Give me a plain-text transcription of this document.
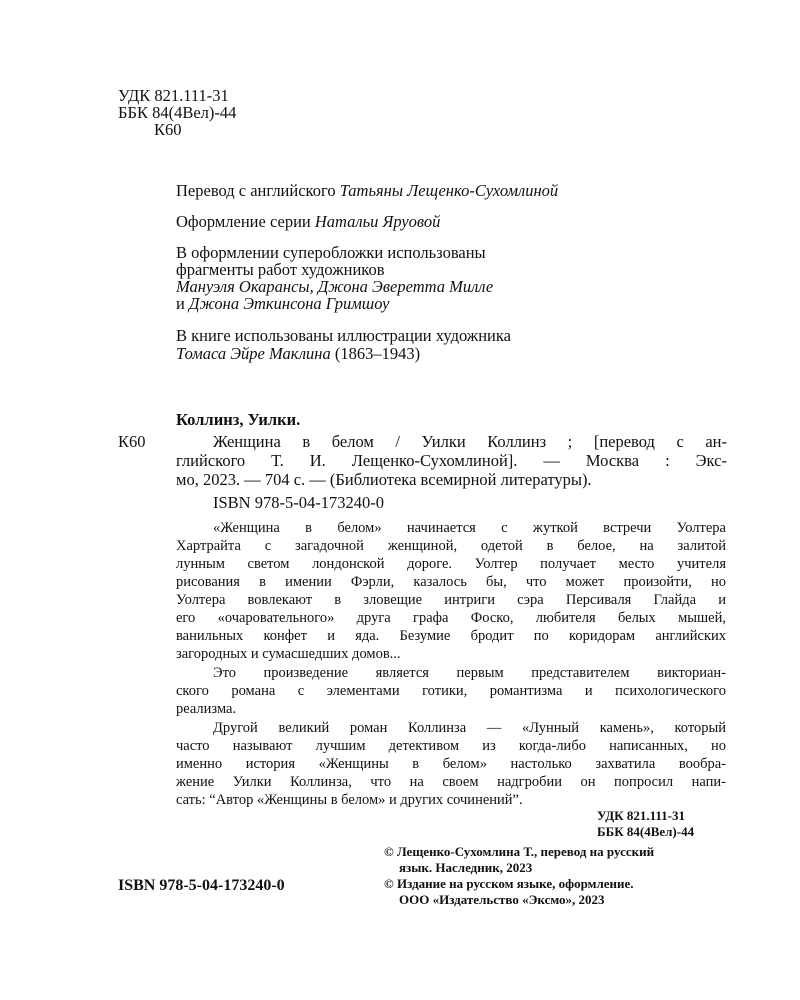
УДК 821.111-31
ББК 84(4Вел)-44
К60
Перевод с английского Татьяны Лещенко-Сухомлиной
Оформление серии Натальи Яруовой
В оформлении суперобложки использованы
фрагменты работ художников
Мануэля Окарансы, Джона Эверетта Милле
и Джона Эткинсона Гримшоу
В книге использованы иллюстрации художника
Томаса Эйре Маклина (1863–1943)
Коллинз, Уилки.
К60	Женщина в белом / Уилки Коллинз ; [перевод с ан-
глийского Т. И. Лещенко-Сухомлиной]. — Москва : Экс-
мо, 2023. — 704 с. — (Библиотека всемирной литературы).
ISBN 978-5-04-173240-0
«Женщина в белом» начинается с жуткой встречи Уолтера
Хартрайта с загадочной женщиной, одетой в белое, на залитой
лунным светом лондонской дороге. Уолтер получает место учителя
рисования в имении Фэрли, казалось бы, что может произойти, но
Уолтера вовлекают в зловещие интриги сэра Персиваля Глайда и
его «очаровательного» друга графа Фоско, любителя белых мышей,
ванильных конфет и яда. Безумие бродит по коридорам английских
загородных и сумасшедших домов...
Это произведение является первым представителем викториан-
ского романа с элементами готики, романтизма и психологического
реализма.
Другой великий роман Коллинза — «Лунный камень», который
часто называют лучшим детективом из когда-либо написанных, но
именно история «Женщины в белом» настолько захватила вообра-
жение Уилки Коллинза, что на своем надгробии он попросил напи-
сать: “Автор «Женщины в белом» и других сочинений”.
УДК 821.111-31
ББК 84(4Вел)-44
ISBN 978-5-04-173240-0
© Лещенко-Сухомлина Т., перевод на русский
язык. Наследник, 2023
© Издание на русском языке, оформление.
ООО «Издательство «Эксмо», 2023
